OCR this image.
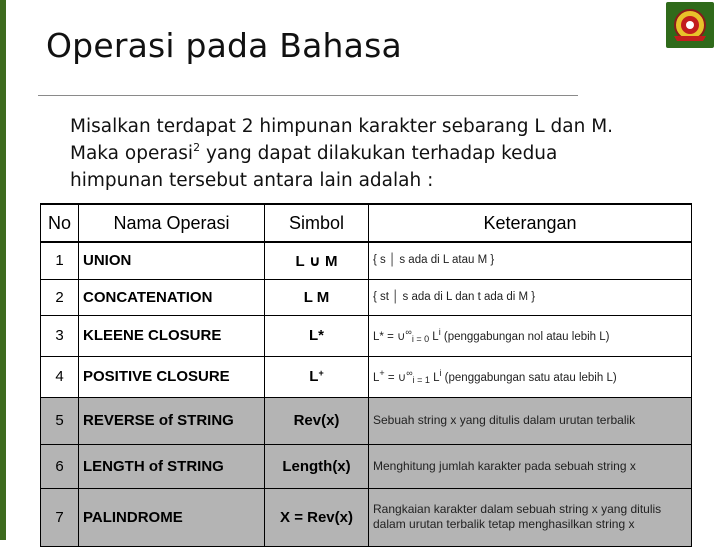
Operasi pada Bahasa
Misalkan terdapat 2 himpunan karakter sebarang L dan M.
Maka operasi$^2$ yang dapat dilakukan terhadap kedua
himpunan tersebut antara lain adalah :
No	Nama Operasi	Simbol	Keterangan
1	UNION	L ∪ M	{ s │ s ada di L atau M }
2	CONCATENATION	L M	{ st │ s ada di L dan t ada di M }
3	KLEENE CLOSURE	L*	$L* = \cup^\infty_{i = 0}$ $L^i$ (penggabungan nol atau lebih L)
4	POSITIVE CLOSURE	L+	$L^+ = \cup^\infty_{i = 1}$ $L^i$ (penggabungan satu atau lebih L)
5	REVERSE of STRING	Rev(x)	Sebuah string x yang ditulis dalam urutan terbalik
6	LENGTH of STRING	Length(x)	Menghitung jumlah karakter pada sebuah string x
7	PALINDROME	X = Rev(x)	Rangkaian karakter dalam sebuah string x yang ditulis dalam urutan terbalik tetap menghasilkan string x
